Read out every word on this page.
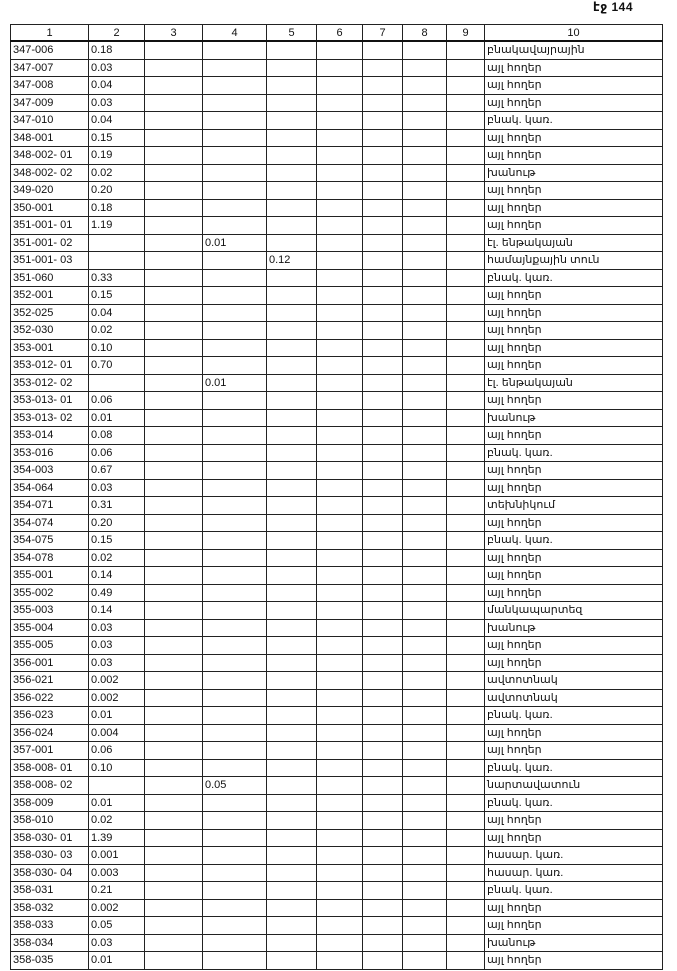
էջ 144
1	2	3	4	5	6	7	8	9	10
347-006	0.18								բնակավայրային
347-007	0.03								այլ հողեր
347-008	0.04								այլ հողեր
347-009	0.03								այլ հողեր
347-010	0.04								բնակ. կառ.
348-001	0.15								այլ հողեր
348-002- 01	0.19								այլ հողեր
348-002- 02	0.02								խանութ
349-020	0.20								այլ հողեր
350-001	0.18								այլ հողեր
351-001- 01	1.19								այլ հողեր
351-001- 02			0.01						էլ. ենթակայան
351-001- 03				0.12					համայնքային տուն
351-060	0.33								բնակ. կառ.
352-001	0.15								այլ հողեր
352-025	0.04								այլ հողեր
352-030	0.02								այլ հողեր
353-001	0.10								այլ հողեր
353-012- 01	0.70								այլ հողեր
353-012- 02			0.01						էլ. ենթակայան
353-013- 01	0.06								այլ հողեր
353-013- 02	0.01								խանութ
353-014	0.08								այլ հողեր
353-016	0.06								բնակ. կառ.
354-003	0.67								այլ հողեր
354-064	0.03								այլ հողեր
354-071	0.31								տեխնիկում
354-074	0.20								այլ հողեր
354-075	0.15								բնակ. կառ.
354-078	0.02								այլ հողեր
355-001	0.14								այլ հողեր
355-002	0.49								այլ հողեր
355-003	0.14								մանկապարտեզ
355-004	0.03								խանութ
355-005	0.03								այլ հողեր
356-001	0.03								այլ հողեր
356-021	0.002								ավտոտնակ
356-022	0.002								ավտոտնակ
356-023	0.01								բնակ. կառ.
356-024	0.004								այլ հողեր
357-001	0.06								այլ հողեր
358-008- 01	0.10								բնակ. կառ.
358-008- 02			0.05						նարտավատուն
358-009	0.01								բնակ. կառ.
358-010	0.02								այլ հողեր
358-030- 01	1.39								այլ հողեր
358-030- 03	0.001								հասար. կառ.
358-030- 04	0.003								հասար. կառ.
358-031	0.21								բնակ. կառ.
358-032	0.002								այլ հողեր
358-033	0.05								այլ հողեր
358-034	0.03								խանութ
358-035	0.01								այլ հողեր
